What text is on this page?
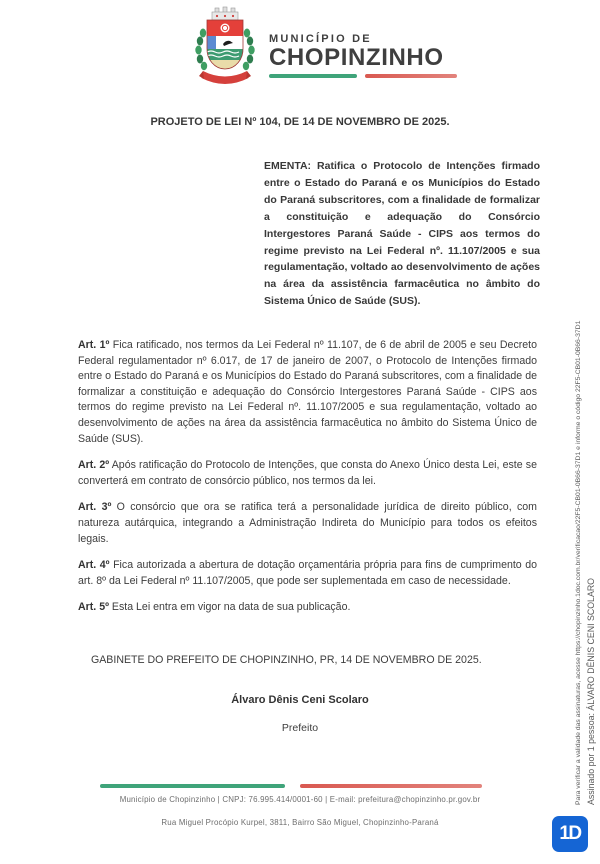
MUNICÍPIO DE
CHOPINZINHO
PROJETO DE LEI Nº 104, DE 14 DE NOVEMBRO DE 2025.
EMENTA: Ratifica o Protocolo de Intenções firmado entre o Estado do Paraná e os Municípios do Estado do Paraná subscritores, com a finalidade de formalizar a constituição e adequação do Consórcio Intergestores Paraná Saúde - CIPS aos termos do regime previsto na Lei Federal nº. 11.107/2005 e sua regulamentação, voltado ao desenvolvimento de ações na área da assistência farmacêutica no âmbito do Sistema Único de Saúde (SUS).

Art. 1º Fica ratificado, nos termos da Lei Federal nº 11.107, de 6 de abril de 2005 e seu Decreto Federal regulamentador nº 6.017, de 17 de janeiro de 2007, o Protocolo de Intenções firmado entre o Estado do Paraná e os Municípios do Estado do Paraná subscritores, com a finalidade de formalizar a constituição e adequação do Consórcio Intergestores Paraná Saúde - CIPS aos termos do regime previsto na Lei Federal nº. 11.107/2005 e sua regulamentação, voltado ao desenvolvimento de ações na área da assistência farmacêutica no âmbito do Sistema Único de Saúde (SUS).

Art. 2º Após ratificação do Protocolo de Intenções, que consta do Anexo Único desta Lei, este se converterá em contrato de consórcio público, nos termos da lei.

Art. 3º O consórcio que ora se ratifica terá a personalidade jurídica de direito público, com natureza autárquica, integrando a Administração Indireta do Município para todos os efeitos legais.

Art. 4º Fica autorizada a abertura de dotação orçamentária própria para fins de cumprimento do art. 8º da Lei Federal nº 11.107/2005, que pode ser suplementada em caso de necessidade.

Art. 5º Esta Lei entra em vigor na data de sua publicação.

GABINETE DO PREFEITO DE CHOPINZINHO, PR, 14 DE NOVEMBRO DE 2025.
Álvaro Dênis Ceni Scolaro
Prefeito
Município de Chopinzinho | CNPJ: 76.995.414/0001-60 | E-mail: prefeitura@chopinzinho.pr.gov.br
Rua Miguel Procópio Kurpel, 3811, Bairro São Miguel, Chopinzinho-Paraná
Para verificar a validade das assinaturas, acesse https://chopinzinho.1doc.com.br/verificacao/22F5-CB01-0B66-37D1 e informe o código 22F5-CB01-0B66-37D1 Assinado por 1 pessoa: ÁLVARO DÊNIS CENI SCOLARO
1D
